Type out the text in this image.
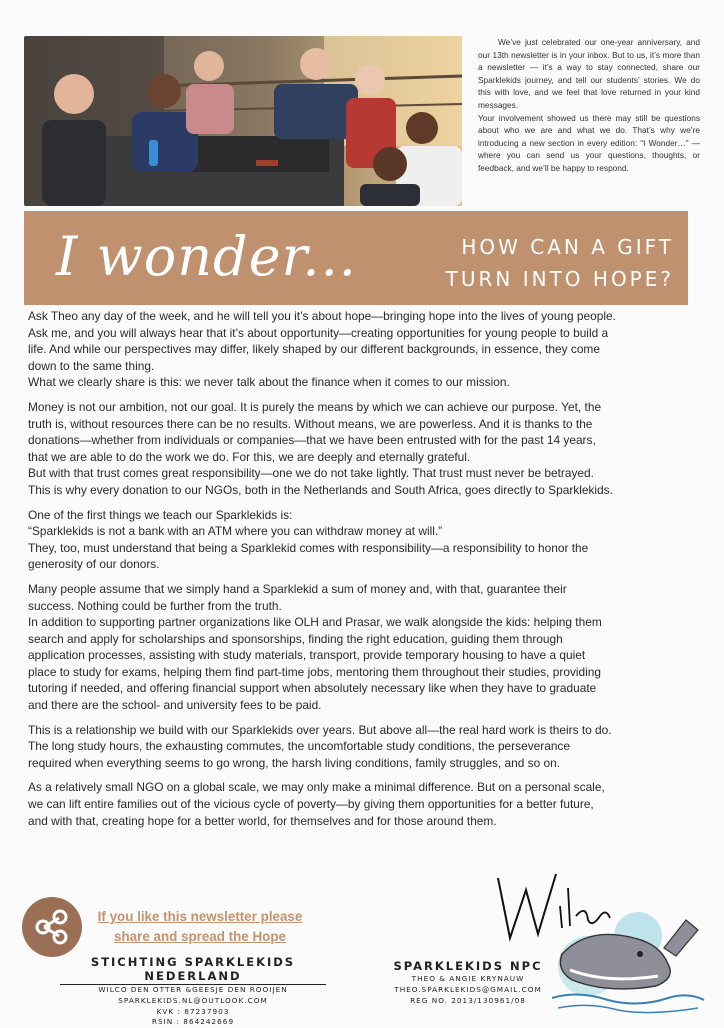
We’ve just celebrated our one-year anniversary, and our 13th newsletter is in your inbox. But to us, it’s more than a newsletter — it’s a way to stay connected, share our Sparklekids journey, and tell our students’ stories. We do this with love, and we feel that love returned in your kind messages.

Your involvement showed us there may still be questions about who we are and what we do. That’s why we’re introducing a new section in every edition: “I Wonder…” — where you can send us your questions, thoughts, or feedback, and we’ll be happy to respond.

I wonder...	HOW CAN A GIFT
TURN INTO HOPE?

Ask Theo any day of the week, and he will tell you it’s about hope—bringing hope into the lives of young people.
Ask me, and you will always hear that it’s about opportunity—creating opportunities for young people to build a
life. And while our perspectives may differ, likely shaped by our different backgrounds, in essence, they come
down to the same thing.
What we clearly share is this: we never talk about the finance when it comes to our mission.

Money is not our ambition, not our goal. It is purely the means by which we can achieve our purpose. Yet, the
truth is, without resources there can be no results. Without means, we are powerless. And it is thanks to the
donations—whether from individuals or companies—that we have been entrusted with for the past 14 years,
that we are able to do the work we do. For this, we are deeply and eternally grateful.
But with that trust comes great responsibility—one we do not take lightly. That trust must never be betrayed.
This is why every donation to our NGOs, both in the Netherlands and South Africa, goes directly to Sparklekids.

One of the first things we teach our Sparklekids is:
“Sparklekids is not a bank with an ATM where you can withdraw money at will.”
They, too, must understand that being a Sparklekid comes with responsibility—a responsibility to honor the
generosity of our donors.

Many people assume that we simply hand a Sparklekid a sum of money and, with that, guarantee their
success. Nothing could be further from the truth.
In addition to supporting partner organizations like OLH and Prasar, we walk alongside the kids: helping them
search and apply for scholarships and sponsorships, finding the right education, guiding them through
application processes, assisting with study materials, transport, provide temporary housing to have a quiet
place to study for exams, helping them find part-time jobs, mentoring them throughout their studies, providing
tutoring if needed, and offering financial support when absolutely necessary like when they have to graduate
and there are the school- and university fees to be paid.

This is a relationship we build with our Sparklekids over years. But above all—the real hard work is theirs to do.
The long study hours, the exhausting commutes, the uncomfortable study conditions, the perseverance
required when everything seems to go wrong, the harsh living conditions, family struggles, and so on.

As a relatively small NGO on a global scale, we may only make a minimal difference. But on a personal scale,
we can lift entire families out of the vicious cycle of poverty—by giving them opportunities for a better future,
and with that, creating hope for a better world, for themselves and for those around them.

If you like this newsletter please
share and spread the Hope
STICHTING SPARKLEKIDS NEDERLAND
WILCO DEN OTTER &GEESJE DEN ROOIJEN
SPARKLEKIDS.NL@OUTLOOK.COM
KVK : 87237903
RSIN : 864242669
SPARKLEKIDS NPC
THEO & ANGIE KRYNAUW
THEO.SPARKLEKIDS@GMAIL.COM
REG NO. 2013/130961/08
